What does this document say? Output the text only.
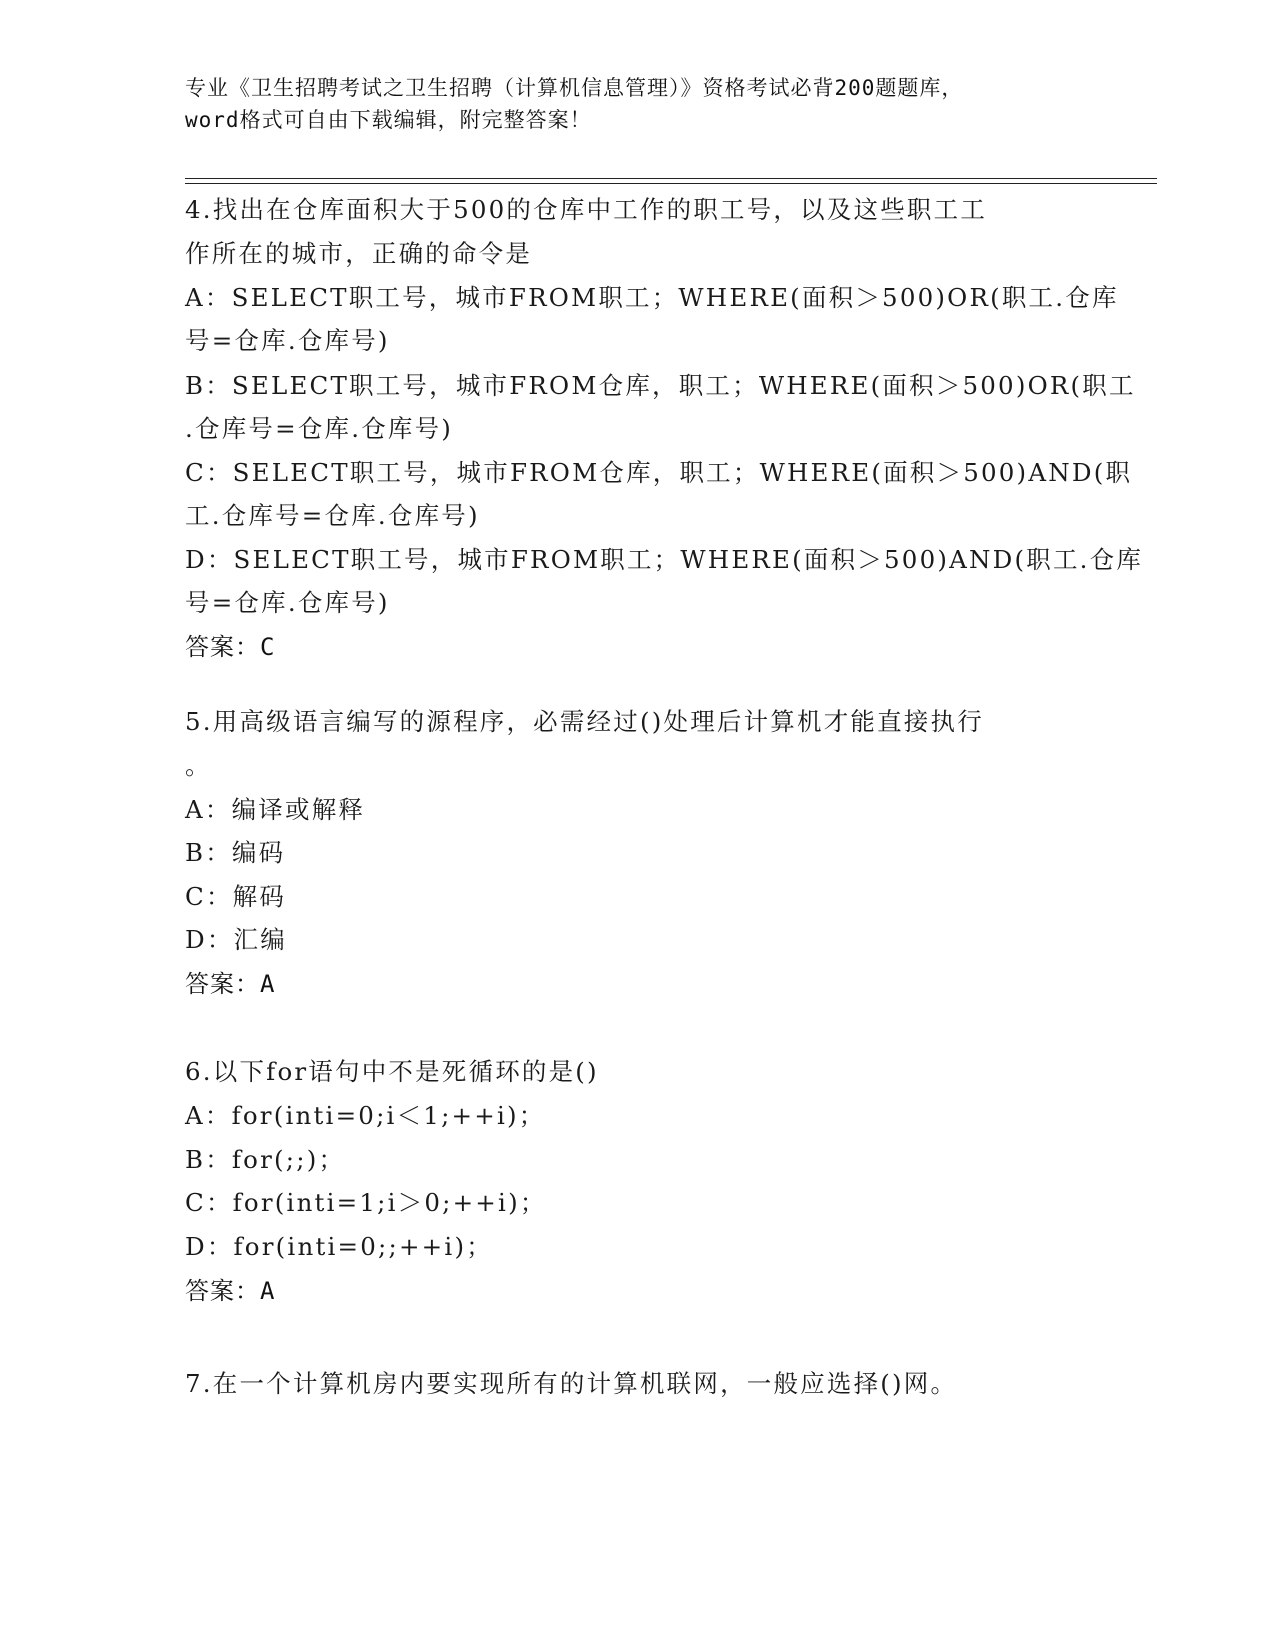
专业《卫生招聘考试之卫生招聘（计算机信息管理）》资格考试必背200题题库，
word格式可自由下载编辑，附完整答案！
4.找出在仓库面积大于500的仓库中工作的职工号，以及这些职工工
作所在的城市，正确的命令是
A：SELECT职工号，城市FROM职工；WHERE(面积＞500)OR(职工.仓库
号=仓库.仓库号)
B：SELECT职工号，城市FROM仓库，职工；WHERE(面积＞500)OR(职工
.仓库号=仓库.仓库号)
C：SELECT职工号，城市FROM仓库，职工；WHERE(面积＞500)AND(职
工.仓库号=仓库.仓库号)
D：SELECT职工号，城市FROM职工；WHERE(面积＞500)AND(职工.仓库
号=仓库.仓库号)
答案：C
5.用高级语言编写的源程序，必需经过()处理后计算机才能直接执行
。
A：编译或解释
B：编码
C：解码
D：汇编
答案：A
6.以下for语句中不是死循环的是()
A：for(inti=0;i＜1;++i)；
B：for(;;)；
C：for(inti=1;i＞0;++i)；
D：for(inti=0;;++i)；
答案：A
7.在一个计算机房内要实现所有的计算机联网，一般应选择()网。
